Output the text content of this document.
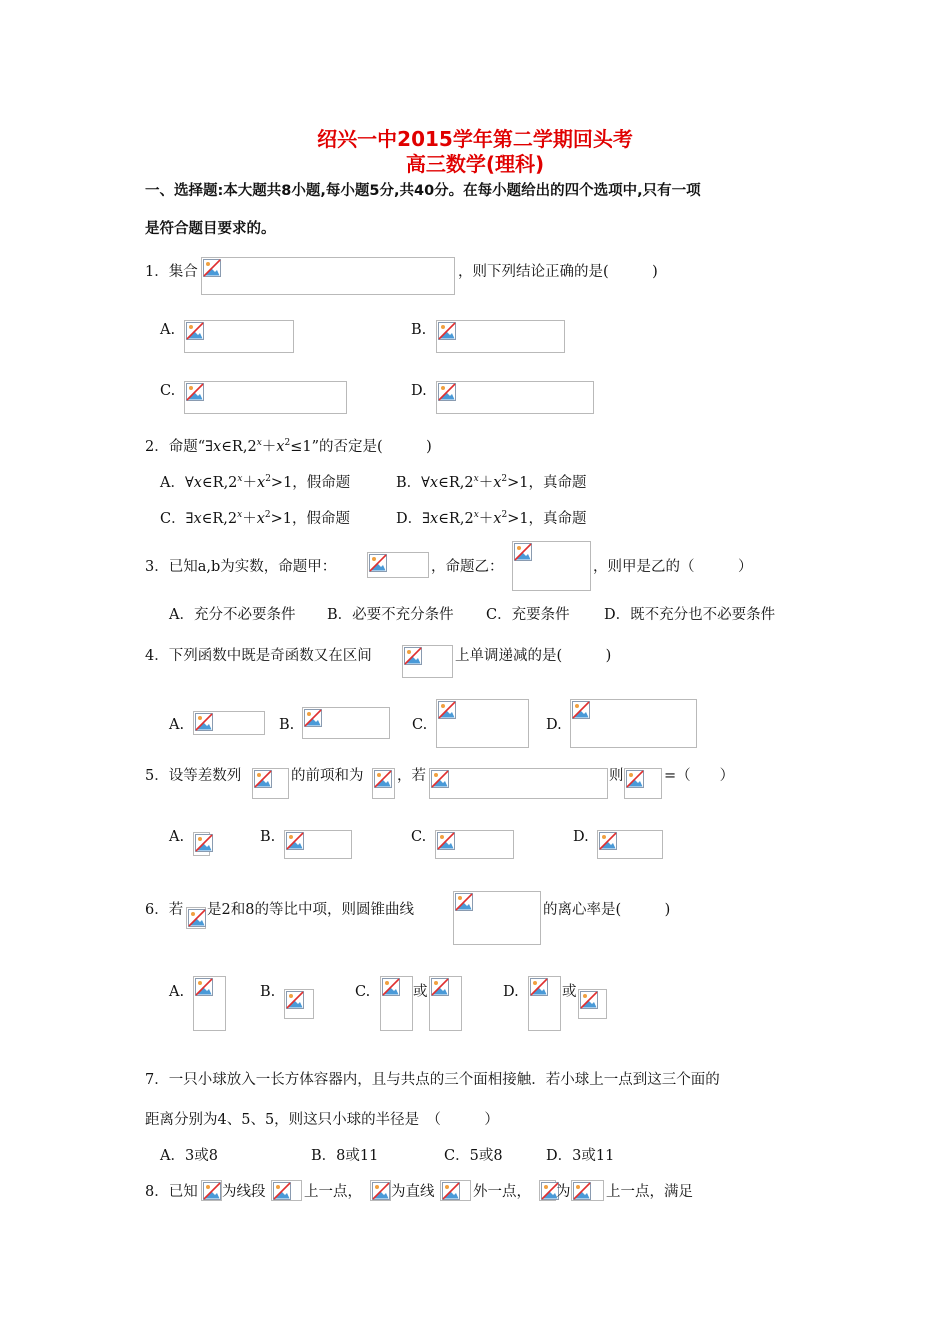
绍兴一中2015学年第二学期回头考
高三数学(理科)
一、选择题:本大题共8小题,每小题5分,共40分。在每小题给出的四个选项中,只有一项
是符合题目要求的。
1．集合	，则下列结论正确的是(　　　)
A.	B.
C.	D.
2．命题“$\exists x\in R,2^x+x^2\le 1$”的否定是(　　　)
A．$\forall x\in R,2^x+x^2>1$，假命题	B．$\forall x\in R,2^x+x^2>1$，真命题
C．$\exists x\in R,2^x+x^2>1$，假命题	D．$\exists x\in R,2^x+x^2>1$，真命题
3．已知a,b为实数，命题甲：	，命题乙：	，则甲是乙的（　　　）
A．充分不必要条件 B．必要不充分条件 C．充要条件 D．既不充分也不必要条件
4．下列函数中既是奇函数又在区间	上单调递减的是(　　　)
A.	B.	C.	D.
5．设等差数列	的前项和为 ，若	则	=（　　）
A.	B.	C.	D.
6．若 是2和8的等比中项，则圆锥曲线	的离心率是(　　　)
A.	B.	C.	或	D.	或
7．一只小球放入一长方体容器内，且与共点的三个面相接触．若小球上一点到这三个面的
距离分别为4、5、5，则这只小球的半径是　（　　　）
A．3或8	B．8或11	C．5或8	D．3或11
8．已知 为线段	上一点， 为直线	外一点， 为 上一点，满足
